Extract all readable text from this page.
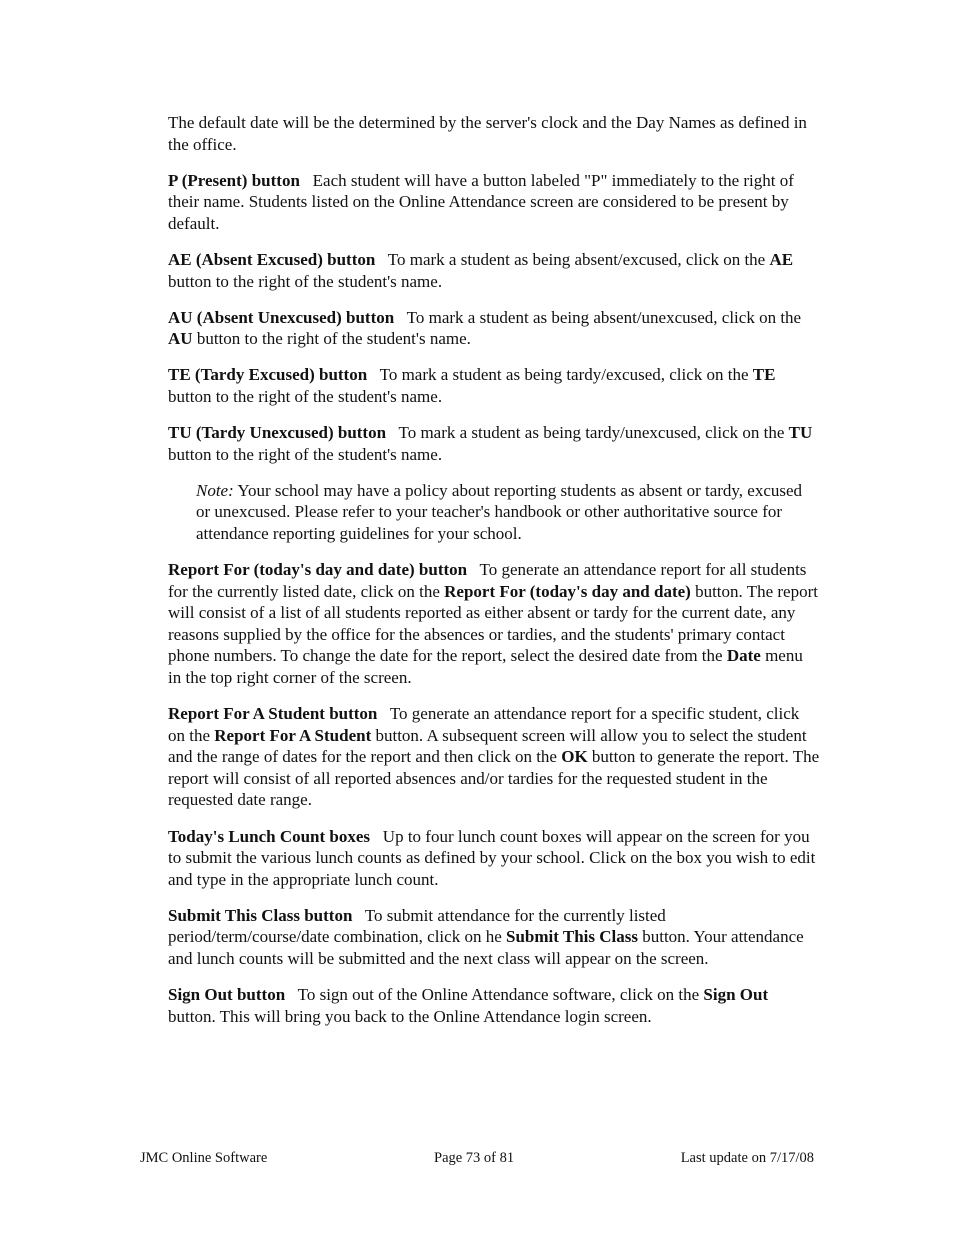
The default date will be the determined by the server's clock and the Day Names as defined in the office.

P (Present) button Each student will have a button labeled "P" immediately to the right of their name. Students listed on the Online Attendance screen are considered to be present by default.

AE (Absent Excused) button To mark a student as being absent/excused, click on the AE button to the right of the student's name.

AU (Absent Unexcused) button To mark a student as being absent/unexcused, click on the AU button to the right of the student's name.

TE (Tardy Excused) button To mark a student as being tardy/excused, click on the TE button to the right of the student's name.

TU (Tardy Unexcused) button To mark a student as being tardy/unexcused, click on the TU button to the right of the student's name.

Note: Your school may have a policy about reporting students as absent or tardy, excused or unexcused. Please refer to your teacher's handbook or other authoritative source for attendance reporting guidelines for your school.

Report For (today's day and date) button To generate an attendance report for all students for the currently listed date, click on the Report For (today's day and date) button. The report will consist of a list of all students reported as either absent or tardy for the current date, any reasons supplied by the office for the absences or tardies, and the students' primary contact phone numbers. To change the date for the report, select the desired date from the Date menu in the top right corner of the screen.

Report For A Student button To generate an attendance report for a specific student, click on the Report For A Student button. A subsequent screen will allow you to select the student and the range of dates for the report and then click on the OK button to generate the report. The report will consist of all reported absences and/or tardies for the requested student in the requested date range.

Today's Lunch Count boxes Up to four lunch count boxes will appear on the screen for you to submit the various lunch counts as defined by your school. Click on the box you wish to edit and type in the appropriate lunch count.

Submit This Class button To submit attendance for the currently listed period/term/course/date combination, click on he Submit This Class button. Your attendance and lunch counts will be submitted and the next class will appear on the screen.

Sign Out button To sign out of the Online Attendance software, click on the Sign Out button. This will bring you back to the Online Attendance login screen.

JMC Online Software	Page 73 of 81	Last update on 7/17/08
